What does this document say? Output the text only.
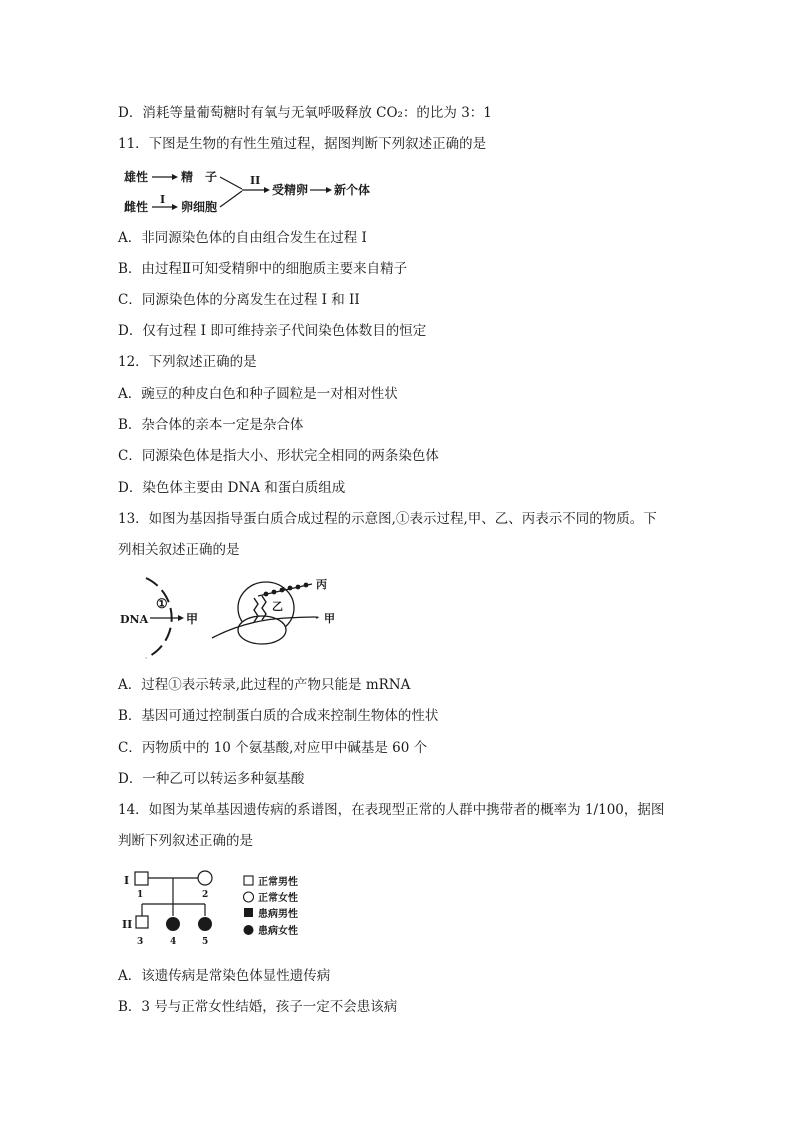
D．消耗等量葡萄糖时有氧与无氧呼吸释放 CO₂：的比为 3：1
11．下图是生物的有性生殖过程，据图判断下列叙述正确的是
雄性	精　子
雌性
I
卵细胞
II
受精卵 新个体
A．非同源染色体的自由组合发生在过程 I
B．由过程Ⅱ可知受精卵中的细胞质主要来自精子
C．同源染色体的分离发生在过程 I 和 II
D．仅有过程 I 即可维持亲子代间染色体数目的恒定
12．下列叙述正确的是
A．豌豆的种皮白色和种子圆粒是一对相对性状
B．杂合体的亲本一定是杂合体
C．同源染色体是指大小、形状完全相同的两条染色体
D．染色体主要由 DNA 和蛋白质组成
13．如图为基因指导蛋白质合成过程的示意图,①表示过程,甲、乙、丙表示不同的物质。下
列相关叙述正确的是
DNA
①
甲
乙
丙
甲
A．过程①表示转录,此过程的产物只能是 mRNA
B．基因可通过控制蛋白质的合成来控制生物体的性状
C．丙物质中的 10 个氨基酸,对应甲中碱基是 60 个
D．一种乙可以转运多种氨基酸
14．如图为某单基因遗传病的系谱图，在表现型正常的人群中携带者的概率为 1/100，据图
判断下列叙述正确的是
I
1	2
II
3	4	5
正常男性
正常女性
患病男性
患病女性
A．该遗传病是常染色体显性遗传病
B．3 号与正常女性结婚，孩子一定不会患该病
